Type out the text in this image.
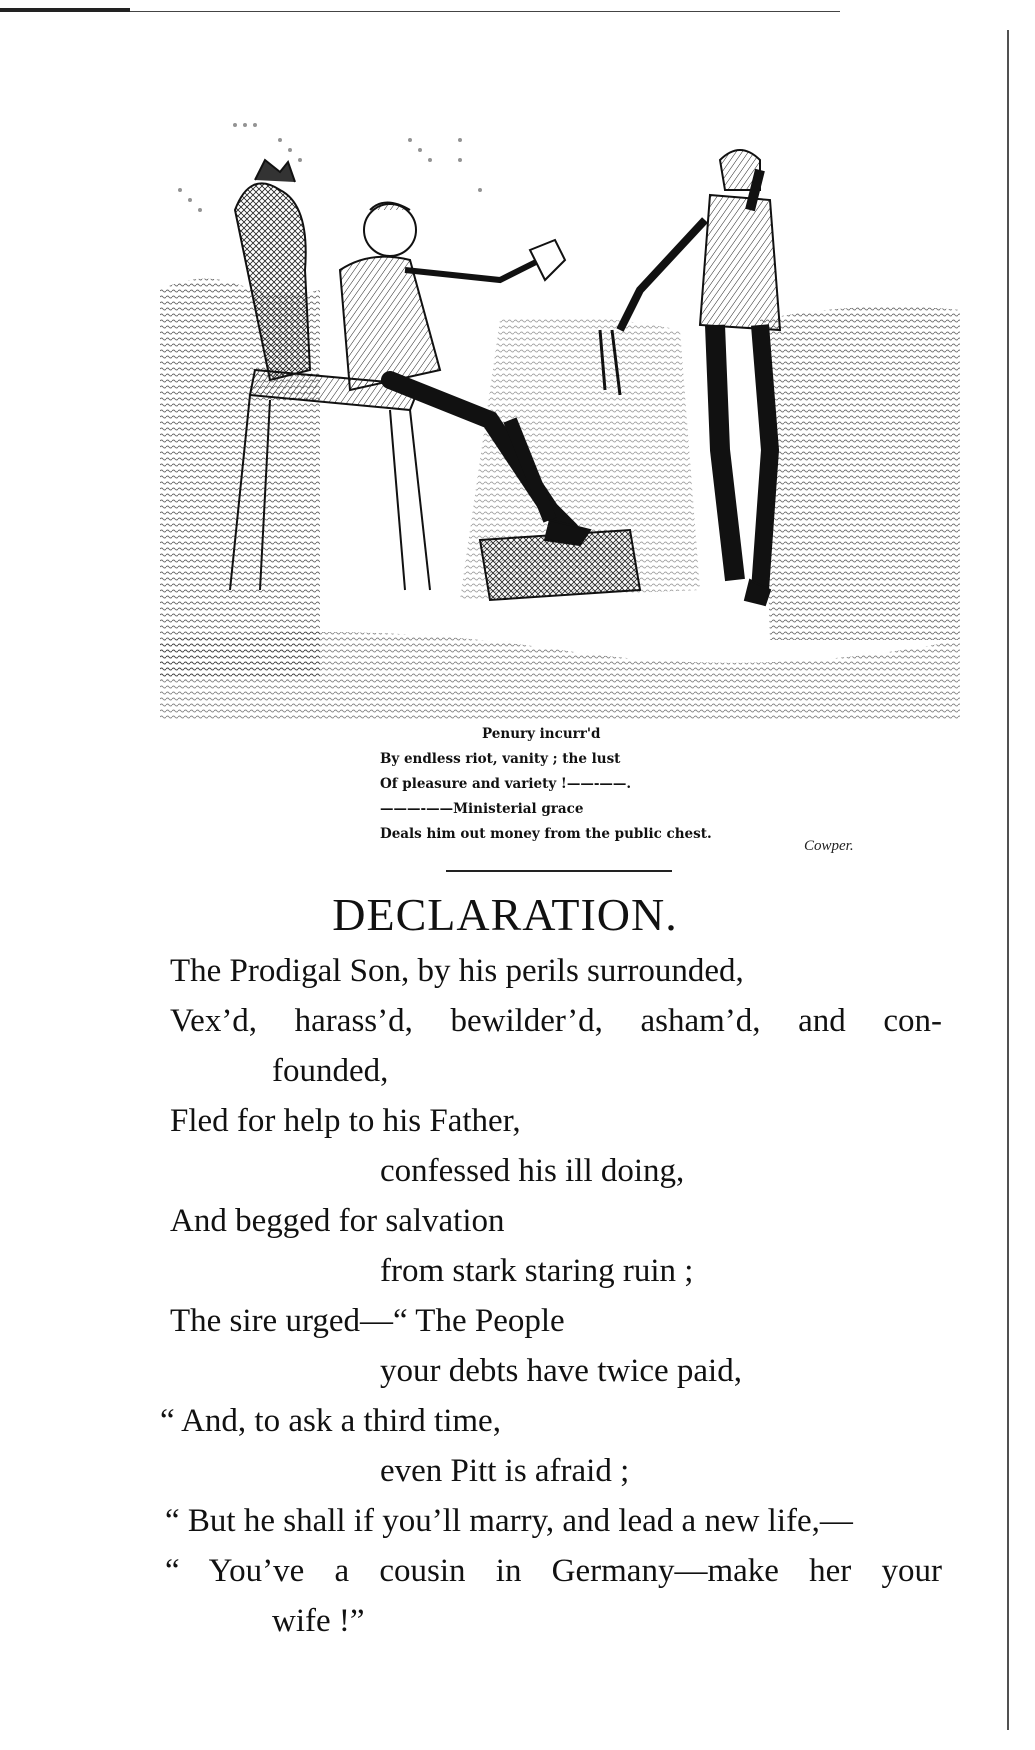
Penury incurr'd
By endless riot, vanity ; the lust
Of pleasure and variety !——-——.
———-——Ministerial grace
Deals him out money from the public chest.
Cowper.
DECLARATION.
The Prodigal Son, by his perils surrounded,
Vex’d, harass’d, bewilder’d, asham’d, and con-
founded,
Fled for help to his Father,
confessed his ill doing,
And begged for salvation
from stark staring ruin ;
The sire urged—“ The People
your debts have twice paid,
“ And, to ask a third time,
even Pitt is afraid ;
“ But he shall if you’ll marry, and lead a new life,—
“ You’ve a cousin in Germany—make her your
wife !”
